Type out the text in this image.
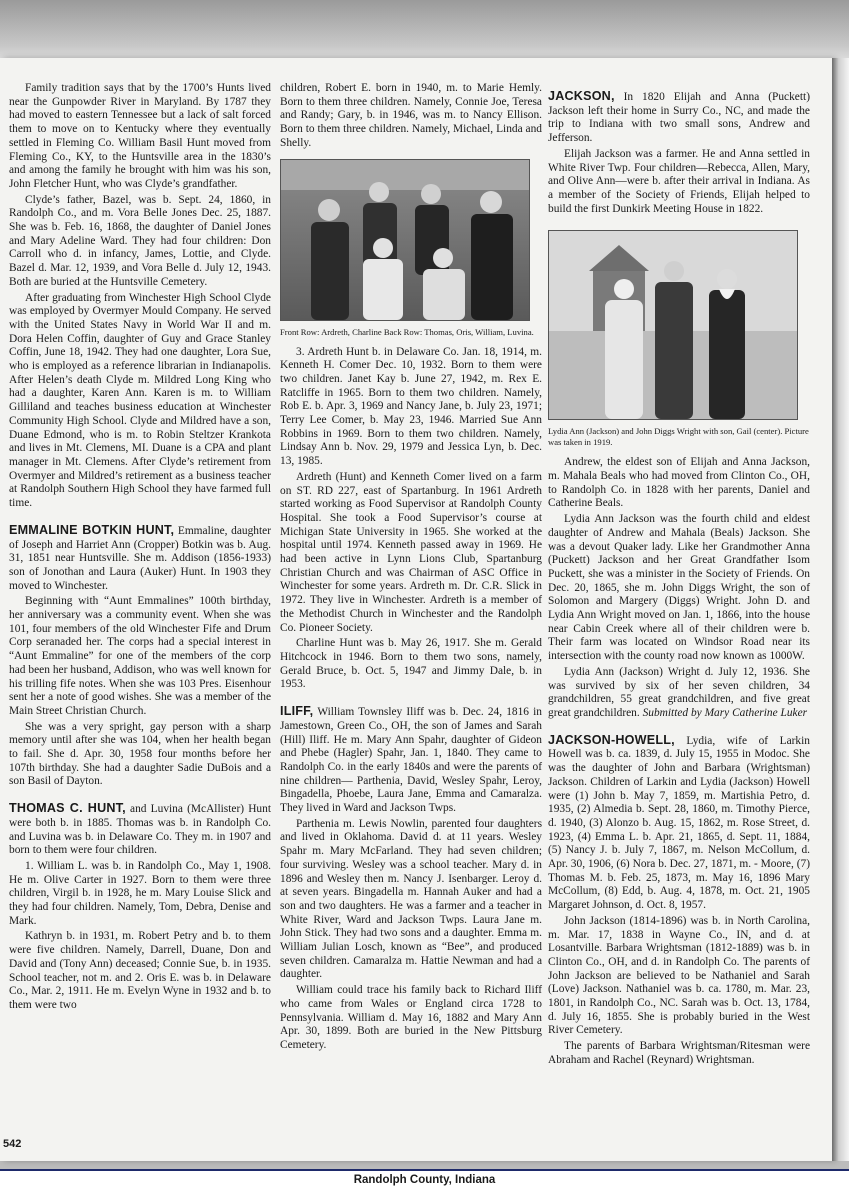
Family tradition says that by the 1700’s Hunts lived near the Gunpowder River in Maryland. By 1787 they had moved to eastern Tennessee but a lack of salt forced them to move on to Kentucky where they eventually settled in Fleming Co. William Basil Hunt moved from Fleming Co., KY, to the Huntsville area in the 1830’s and among the family he brought with him was his son, John Fletcher Hunt, who was Clyde’s grandfather.

Clyde’s father, Bazel, was b. Sept. 24, 1860, in Randolph Co., and m. Vora Belle Jones Dec. 25, 1887. She was b. Feb. 16, 1868, the daughter of Daniel Jones and Mary Adeline Ward. They had four children: Don Carroll who d. in infancy, James, Lottie, and Clyde. Bazel d. Mar. 12, 1939, and Vora Belle d. July 12, 1943. Both are buried at the Huntsville Cemetery.

After graduating from Winchester High School Clyde was employed by Overmyer Mould Company. He served with the United States Navy in World War II and m. Dora Helen Coffin, daughter of Guy and Grace Stanley Coffin, June 18, 1942. They had one daughter, Lora Sue, who is employed as a reference librarian in Indianapolis. After Helen’s death Clyde m. Mildred Long King who had a daughter, Karen Ann. Karen is m. to William Gilliland and teaches business education at Winchester Community High School. Clyde and Mildred have a son, Duane Edmond, who is m. to Robin Steltzer Krankota and lives in Mt. Clemens, MI. Duane is a CPA and plant manager in Mt. Clemens. After Clyde’s retirement from Overmyer and Mildred’s retirement as a business teacher at Randolph Southern High School they have farmed full time.

EMMALINE BOTKIN HUNT, Emmaline, daughter of Joseph and Harriet Ann (Cropper) Botkin was b. Aug. 31, 1851 near Huntsville. She m. Addison (1856-1933) son of Jonothan and Laura (Auker) Hunt. In 1903 they moved to Winchester.

Beginning with “Aunt Emmalines” 100th birthday, her anniversary was a community event. When she was 101, four members of the old Winchester Fife and Drum Corp seranaded her. The corps had a special interest in “Aunt Emmaline” for one of the members of the corp had been her husband, Addison, who was well known for his trilling fife notes. When she was 103 Pres. Eisenhour sent her a note of good wishes. She was a member of the Main Street Christian Church.

She was a very spright, gay person with a sharp memory until after she was 104, when her health began to fail. She d. Apr. 30, 1958 four months before her 107th birthday. She had a daughter Sadie DuBois and a son Basil of Dayton.

THOMAS C. HUNT, and Luvina (McAllister) Hunt were both b. in 1885. Thomas was b. in Randolph Co. and Luvina was b. in Delaware Co. They m. in 1907 and born to them were four children.

1. William L. was b. in Randolph Co., May 1, 1908. He m. Olive Carter in 1927. Born to them were three children, Virgil b. in 1928, he m. Mary Louise Slick and they had four children. Namely, Tom, Debra, Denise and Mark.

Kathryn b. in 1931, m. Robert Petry and b. to them were five children. Namely, Darrell, Duane, Don and David and (Tony Ann) deceased; Connie Sue, b. in 1935. School teacher, not m. and 2. Oris E. was b. in Delaware Co., Mar. 2, 1911. He m. Evelyn Wyne in 1932 and b. to them were two

children, Robert E. born in 1940, m. to Marie Hemly. Born to them three children. Namely, Connie Joe, Teresa and Randy; Gary, b. in 1946, was m. to Nancy Ellison. Born to them three children. Namely, Michael, Linda and Shelly.

Front Row: Ardreth, Charline Back Row: Thomas, Oris, William, Luvina.

3. Ardreth Hunt b. in Delaware Co. Jan. 18, 1914, m. Kenneth H. Comer Dec. 10, 1932. Born to them were two children. Janet Kay b. June 27, 1942, m. Rex E. Ratcliffe in 1965. Born to them two children. Namely, Rob E. b. Apr. 3, 1969 and Nancy Jane, b. July 23, 1971; Terry Lee Comer, b. May 23, 1946. Married Sue Ann Robbins in 1969. Born to them two children. Namely, Lindsay Ann b. Nov. 29, 1979 and Jessica Lyn, b. Dec. 13, 1985.

Ardreth (Hunt) and Kenneth Comer lived on a farm on ST. RD 227, east of Spartanburg. In 1961 Ardreth started working as Food Supervisor at Randolph County Hospital. She took a Food Supervisor’s course at Michigan State University in 1965. She worked at the hospital until 1974. Kenneth passed away in 1969. He had been active in Lynn Lions Club, Spartanburg Christian Church and was Chairman of ASC Office in Winchester for some years. Ardreth m. Dr. C.R. Slick in 1972. They live in Winchester. Ardreth is a member of the Methodist Church in Winchester and the Randolph Co. Pioneer Society.

Charline Hunt was b. May 26, 1917. She m. Gerald Hitchcock in 1946. Born to them two sons, namely, Gerald Bruce, b. Oct. 5, 1947 and Jimmy Dale, b. in 1953.

ILIFF, William Townsley Iliff was b. Dec. 24, 1816 in Jamestown, Green Co., OH, the son of James and Sarah (Hill) Iliff. He m. Mary Ann Spahr, daughter of Gideon and Phebe (Hagler) Spahr, Jan. 1, 1840. They came to Randolph Co. in the early 1840s and were the parents of nine children— Parthenia, David, Wesley Spahr, Leroy, Bingadella, Phoebe, Laura Jane, Emma and Camaralza. They lived in Ward and Jackson Twps.

Parthenia m. Lewis Nowlin, parented four daughters and lived in Oklahoma. David d. at 11 years. Wesley Spahr m. Mary McFarland. They had seven children; four surviving. Wesley was a school teacher. Mary d. in 1896 and Wesley then m. Nancy J. Isenbarger. Leroy d. at seven years. Bingadella m. Hannah Auker and had a son and two daughters. He was a farmer and a teacher in White River, Ward and Jackson Twps. Laura Jane m. John Stick. They had two sons and a daughter. Emma m. William Julian Losch, known as “Bee”, and produced seven children. Camaralza m. Hattie Newman and had a daughter.

William could trace his family back to Richard Iliff who came from Wales or England circa 1728 to Pennsylvania. William d. May 16, 1882 and Mary Ann Apr. 30, 1899. Both are buried in the New Pittsburg Cemetery.

JACKSON, In 1820 Elijah and Anna (Puckett) Jackson left their home in Surry Co., NC, and made the trip to Indiana with two small sons, Andrew and Jefferson.

Elijah Jackson was a farmer. He and Anna settled in White River Twp. Four children—Rebecca, Allen, Mary, and Olive Ann—were b. after their arrival in Indiana. As a member of the Society of Friends, Elijah helped to build the first Dunkirk Meeting House in 1822.

Lydia Ann (Jackson) and John Diggs Wright with son, Gail (center). Picture was taken in 1919.

Andrew, the eldest son of Elijah and Anna Jackson, m. Mahala Beals who had moved from Clinton Co., OH, to Randolph Co. in 1828 with her parents, Daniel and Catherine Beals.

Lydia Ann Jackson was the fourth child and eldest daughter of Andrew and Mahala (Beals) Jackson. She was a devout Quaker lady. Like her Grandmother Anna (Puckett) Jackson and her Great Grandfather Isom Puckett, she was a minister in the Society of Friends. On Dec. 20, 1865, she m. John Diggs Wright, the son of Solomon and Margery (Diggs) Wright. John D. and Lydia Ann Wright moved on Jan. 1, 1866, into the house near Cabin Creek where all of their children were b. Their farm was located on Windsor Road near its intersection with the county road now known as 1000W.

Lydia Ann (Jackson) Wright d. July 12, 1936. She was survived by six of her seven children, 34 grandchildren, 55 great grandchildren, and five great great grandchildren. Submitted by Mary Catherine Luker

JACKSON-HOWELL, Lydia, wife of Larkin Howell was b. ca. 1839, d. July 15, 1955 in Modoc. She was the daughter of John and Barbara (Wrightsman) Jackson. Children of Larkin and Lydia (Jackson) Howell were (1) John b. May 7, 1859, m. Martishia Petro, d. 1935, (2) Almedia b. Sept. 28, 1860, m. Timothy Pierce, d. 1940, (3) Alonzo b. Aug. 15, 1862, m. Rose Street, d. 1923, (4) Emma L. b. Apr. 21, 1865, d. Sept. 11, 1884, (5) Nancy J. b. July 7, 1867, m. Nelson McCollum, d. Apr. 30, 1906, (6) Nora b. Dec. 27, 1871, m. - Moore, (7) Thomas M. b. Feb. 25, 1873, m. May 16, 1896 Mary McCollum, (8) Edd, b. Aug. 4, 1878, m. Oct. 21, 1905 Margaret Johnson, d. Oct. 8, 1957.

John Jackson (1814-1896) was b. in North Carolina, m. Mar. 17, 1838 in Wayne Co., IN, and d. at Losantville. Barbara Wrightsman (1812-1889) was b. in Clinton Co., OH, and d. in Randolph Co. The parents of John Jackson are believed to be Nathaniel and Sarah (Love) Jackson. Nathaniel was b. ca. 1780, m. Mar. 23, 1801, in Randolph Co., NC. Sarah was b. Oct. 13, 1784, d. July 16, 1855. She is probably buried in the West River Cemetery.

The parents of Barbara Wrightsman/Ritesman were Abraham and Rachel (Reynard) Wrightsman.

542
Randolph County, Indiana
